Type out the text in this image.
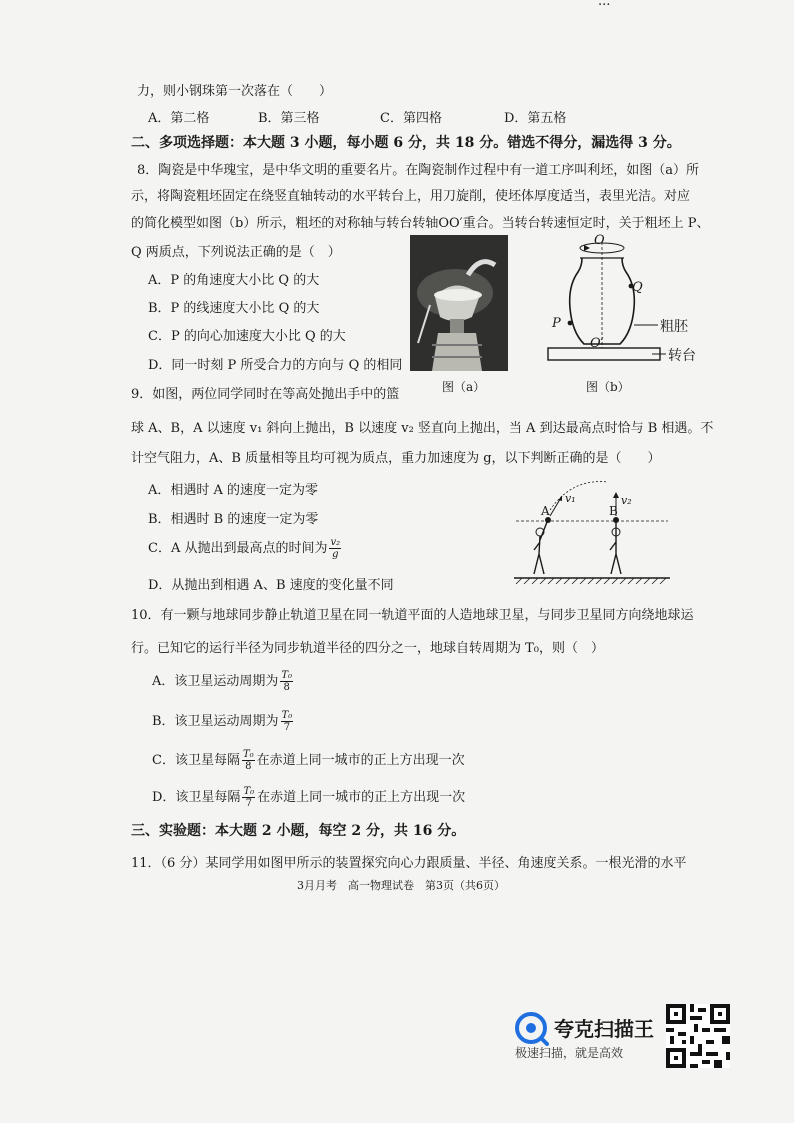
...
力，则小钢珠第一次落在（　　）
A．第二格	B．第三格	C．第四格	D．第五格
二、多项选择题：本大题 3 小题，每小题 6 分，共 18 分。错选不得分，漏选得 3 分。
8．陶瓷是中华瑰宝，是中华文明的重要名片。在陶瓷制作过程中有一道工序叫利坯，如图（a）所
示，将陶瓷粗坯固定在绕竖直轴转动的水平转台上，用刀旋削，使坯体厚度适当，表里光洁。对应
的简化模型如图（b）所示，粗坯的对称轴与转台转轴OO′重合。当转台转速恒定时，关于粗坯上 P、
Q 两质点，下列说法正确的是（　）
A．P 的角速度大小比 Q 的大
B．P 的线速度大小比 Q 的大
C．P 的向心加速度大小比 Q 的大
D．同一时刻 P 所受合力的方向与 Q 的相同
图（a）
O
Q
P
O′
粗胚
转台
图（b）
9．如图，两位同学同时在等高处抛出手中的篮
球 A、B，A 以速度 v₁ 斜向上抛出，B 以速度 v₂ 竖直向上抛出，当 A 到达最高点时恰与 B 相遇。不
计空气阻力，A、B 质量相等且均可视为质点，重力加速度为 g，以下判断正确的是（　　）
A．相遇时 A 的速度一定为零
B．相遇时 B 的速度一定为零
C．A 从抛出到最高点的时间为 $\frac{\text{v₂}}{g}$
D．从抛出到相遇 A、B 速度的变化量不同
A	B
v₁	v₂
10．有一颗与地球同步静止轨道卫星在同一轨道平面的人造地球卫星，与同步卫星同方向绕地球运
行。已知它的运行半径为同步轨道半径的四分之一，地球自转周期为 T₀，则（　）
A．该卫星运动周期为 $\frac{\text{T₀}}{8}$
B．该卫星运动周期为 $\frac{\text{T₀}}{7}$
C．该卫星每隔 $\frac{\text{T₀}}{8}$ 在赤道上同一城市的正上方出现一次
D．该卫星每隔 $\frac{\text{T₀}}{7}$ 在赤道上同一城市的正上方出现一次
三、实验题：本大题 2 小题，每空 2 分，共 16 分。
11．（6 分）某同学用如图甲所示的装置探究向心力跟质量、半径、角速度关系。一根光滑的水平
3月月考　高一物理试卷　第3页（共6页）
夸克扫描王
极速扫描，就是高效
